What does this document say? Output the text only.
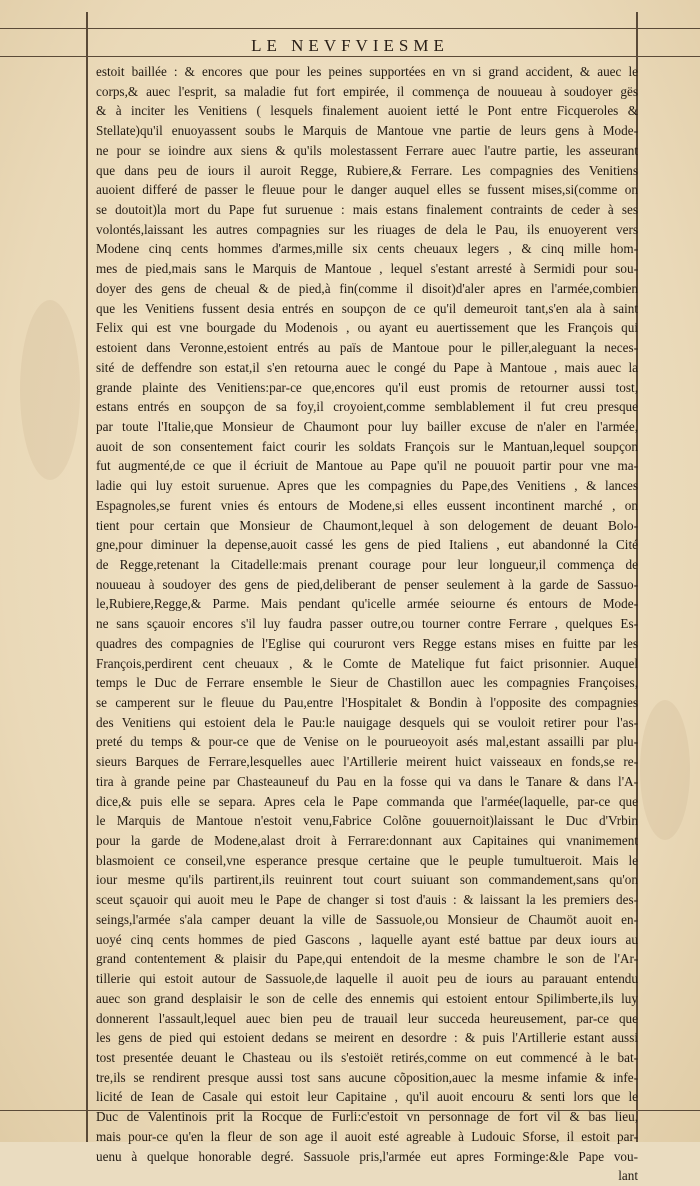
LE NEVFVIESME
estoit baillée : & encores que pour les peines supportées en vn si grand accident, & auec le
corps,& auec l'esprit, sa maladie fut fort empirée, il commença de nouueau à soudoyer gës
& à inciter les Venitiens ( lesquels finalement auoient ietté le Pont entre Ficqueroles &
Stellate)qu'il enuoyassent soubs le Marquis de Mantoue vne partie de leurs gens à Mode-
ne pour se ioindre aux siens & qu'ils molestassent Ferrare auec l'autre partie, les asseurant
que dans peu de iours il auroit Regge, Rubiere,& Ferrare. Les compagnies des Venitiens
auoient differé de passer le fleuue pour le danger auquel elles se fussent mises,si(comme on
se doutoit)la mort du Pape fut suruenue : mais estans finalement contraints de ceder à ses
volontés,laissant les autres compagnies sur les riuages de dela le Pau, ils enuoyerent vers
Modene cinq cents hommes d'armes,mille six cents cheuaux legers , & cinq mille hom-
mes de pied,mais sans le Marquis de Mantoue , lequel s'estant arresté à Sermidi pour sou-
doyer des gens de cheual & de pied,à fin(comme il disoit)d'aler apres en l'armée,combien
que les Venitiens fussent desia entrés en soupçon de ce qu'il demeuroit tant,s'en ala à saint
Felix qui est vne bourgade du Modenois , ou ayant eu auertissement que les François qui
estoient dans Veronne,estoient entrés au païs de Mantoue pour le piller,aleguant la neces-
sité de deffendre son estat,il s'en retourna auec le congé du Pape à Mantoue , mais auec la
grande plainte des Venitiens:par-ce que,encores qu'il eust promis de retourner aussi tost,
estans entrés en soupçon de sa foy,il croyoient,comme semblablement il fut creu presque
par toute l'Italie,que Monsieur de Chaumont pour luy bailler excuse de n'aler en l'armée,
auoit de son consentement faict courir les soldats François sur le Mantuan,lequel soupçon
fut augmenté,de ce que il écriuit de Mantoue au Pape qu'il ne pouuoit partir pour vne ma-
ladie qui luy estoit suruenue. Apres que les compagnies du Pape,des Venitiens , & lances
Espagnoles,se furent vnies és entours de Modene,si elles eussent incontinent marché , on
tient pour certain que Monsieur de Chaumont,lequel à son delogement de deuant Bolo-
gne,pour diminuer la depense,auoit cassé les gens de pied Italiens , eut abandonné la Cité
de Regge,retenant la Citadelle:mais prenant courage pour leur longueur,il commença de
nouueau à soudoyer des gens de pied,deliberant de penser seulement à la garde de Sassuo-
le,Rubiere,Regge,& Parme. Mais pendant qu'icelle armée seiourne és entours de Mode-
ne sans sçauoir encores s'il luy faudra passer outre,ou tourner contre Ferrare , quelques Es-
quadres des compagnies de l'Eglise qui coururont vers Regge estans mises en fuitte par les
François,perdirent cent cheuaux , & le Comte de Matelique fut faict prisonnier. Auquel
temps le Duc de Ferrare ensemble le Sieur de Chastillon auec les compagnies Françoises,
se camperent sur le fleuue du Pau,entre l'Hospitalet & Bondin à l'opposite des compagnies
des Venitiens qui estoient dela le Pau:le nauigage desquels qui se vouloit retirer pour l'as-
preté du temps & pour-ce que de Venise on le pourueoyoit asés mal,estant assailli par plu-
sieurs Barques de Ferrare,lesquelles auec l'Artillerie meirent huict vaisseaux en fonds,se re-
tira à grande peine par Chasteauneuf du Pau en la fosse qui va dans le Tanare & dans l'A-
dice,& puis elle se separa. Apres cela le Pape commanda que l'armée(laquelle, par-ce que
le Marquis de Mantoue n'estoit venu,Fabrice Colõne gouuernoit)laissant le Duc d'Vrbin
pour la garde de Modene,alast droit à Ferrare:donnant aux Capitaines qui vnanimement
blasmoient ce conseil,vne esperance presque certaine que le peuple tumultueroit. Mais le
iour mesme qu'ils partirent,ils reuinrent tout court suiuant son commandement,sans qu'on
sceut sçauoir qui auoit meu le Pape de changer si tost d'auis : & laissant la les premiers des-
seings,l'armée s'ala camper deuant la ville de Sassuole,ou Monsieur de Chaumöt auoit en-
uoyé cinq cents hommes de pied Gascons , laquelle ayant esté battue par deux iours au
grand contentement & plaisir du Pape,qui entendoit de la mesme chambre le son de l'Ar-
tillerie qui estoit autour de Sassuole,de laquelle il auoit peu de iours au parauant entendu
auec son grand desplaisir le son de celle des ennemis qui estoient entour Spilimberte,ils luy
donnerent l'assault,lequel auec bien peu de trauail leur succeda heureusement, par-ce que
les gens de pied qui estoient dedans se meirent en desordre : & puis l'Artillerie estant aussi
tost presentée deuant le Chasteau ou ils s'estoiët retirés,comme on eut commencé à le bat-
tre,ils se rendirent presque aussi tost sans aucune cõposition,auec la mesme infamie & infe-
licité de Iean de Casale qui estoit leur Capitaine , qu'il auoit encouru & senti lors que le
Duc de Valentinois prit la Rocque de Furli:c'estoit vn personnage de fort vil & bas lieu,
mais pour-ce qu'en la fleur de son age il auoit esté agreable à Ludouic Sforse, il estoit par-
uenu à quelque honorable degré. Sassuole pris,l'armée eut apres Forminge:&le Pape vou-
lant
